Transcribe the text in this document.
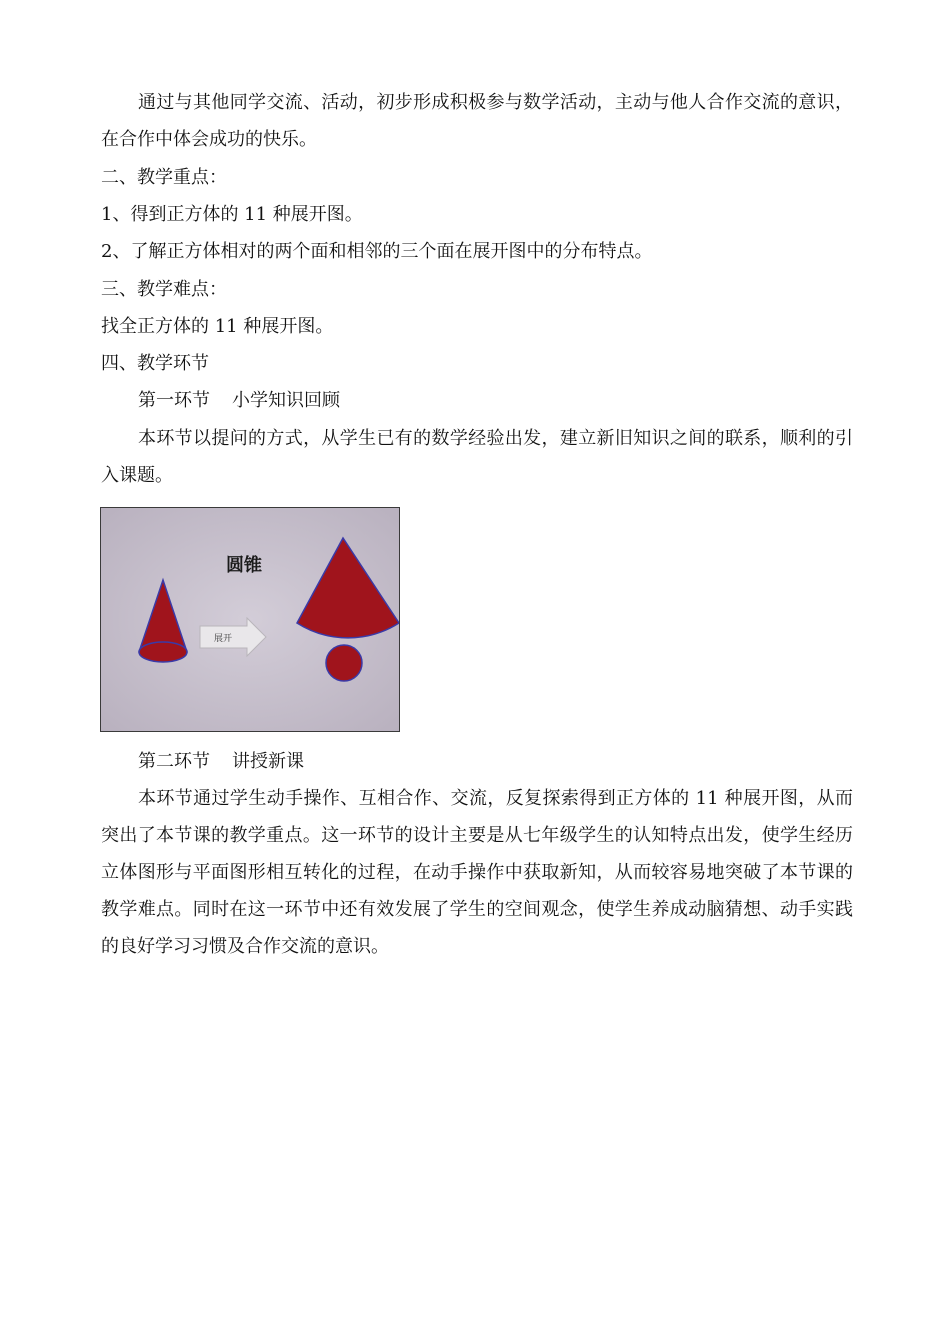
通过与其他同学交流、活动，初步形成积极参与数学活动，主动与他人合作交流的意识，在合作中体会成功的快乐。

二、教学重点：

1、得到正方体的 11 种展开图。

2、了解正方体相对的两个面和相邻的三个面在展开图中的分布特点。

三、教学难点：

找全正方体的 11 种展开图。

四、教学环节

第一环节 小学知识回顾

本环节以提问的方式，从学生已有的数学经验出发，建立新旧知识之间的联系，顺利的引入课题。

圆锥
展开

第二环节 讲授新课

本环节通过学生动手操作、互相合作、交流，反复探索得到正方体的 11 种展开图，从而突出了本节课的教学重点。这一环节的设计主要是从七年级学生的认知特点出发，使学生经历立体图形与平面图形相互转化的过程，在动手操作中获取新知，从而较容易地突破了本节课的教学难点。同时在这一环节中还有效发展了学生的空间观念，使学生养成动脑猜想、动手实践的良好学习习惯及合作交流的意识。
